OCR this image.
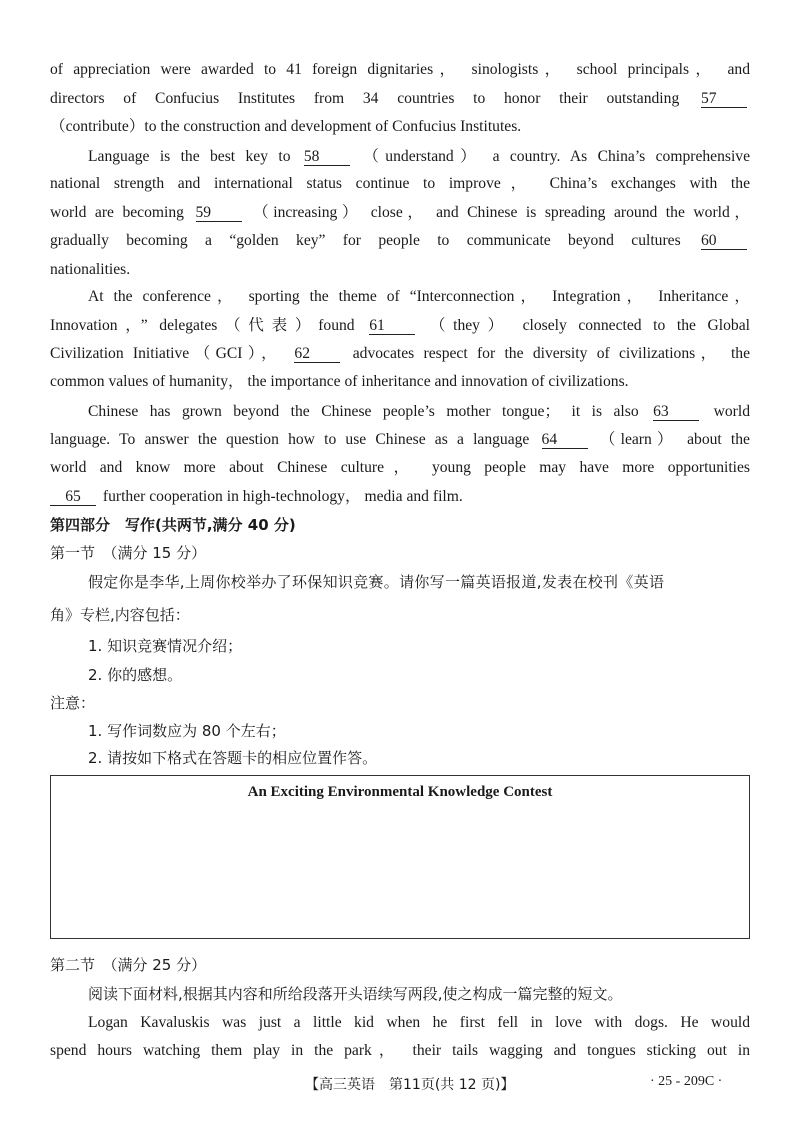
of appreciation were awarded to 41 foreign dignitaries， sinologists， school principals， and
directors of Confucius Institutes from 34 countries to honor their outstanding 57
（contribute）to the construction and development of Confucius Institutes.
Language is the best key to 58	（understand） a country. As China’s comprehensive
national strength and international status continue to improve， China’s exchanges with the
world are becoming 59	（increasing） close， and Chinese is spreading around the world，
gradually becoming a “golden key” for people to communicate beyond cultures 60
nationalities.
At the conference， sporting the theme of “Interconnection， Integration， Inheritance，
Innovation，” delegates（代表）found 61	（they） closely connected to the Global
Civilization Initiative（GCI）， 62	advocates respect for the diversity of civilizations， the
common values of humanity， the importance of inheritance and innovation of civilizations.
Chinese has grown beyond the Chinese people’s mother tongue； it is also 63	world
language. To answer the question how to use Chinese as a language 64	（learn） about the
world and know more about Chinese culture， young people may have more opportunities
65 further cooperation in high-technology， media and film.
第四部分　写作(共两节,满分 40 分)
第一节　（满分 15 分）
假定你是李华,上周你校举办了环保知识竞赛。请你写一篇英语报道,发表在校刊《英语
角》专栏,内容包括：
1. 知识竞赛情况介绍；
2. 你的感想。
注意：
1. 写作词数应为 80 个左右；
2. 请按如下格式在答题卡的相应位置作答。
An Exciting Environmental Knowledge Contest
第二节　（满分 25 分）
阅读下面材料,根据其内容和所给段落开头语续写两段,使之构成一篇完整的短文。
Logan Kavaluskis was just a little kid when he first fell in love with dogs. He would
spend hours watching them play in the park， their tails wagging and tongues sticking out in
【高三英语　第11页(共 12 页)】	· 25 - 209C ·
